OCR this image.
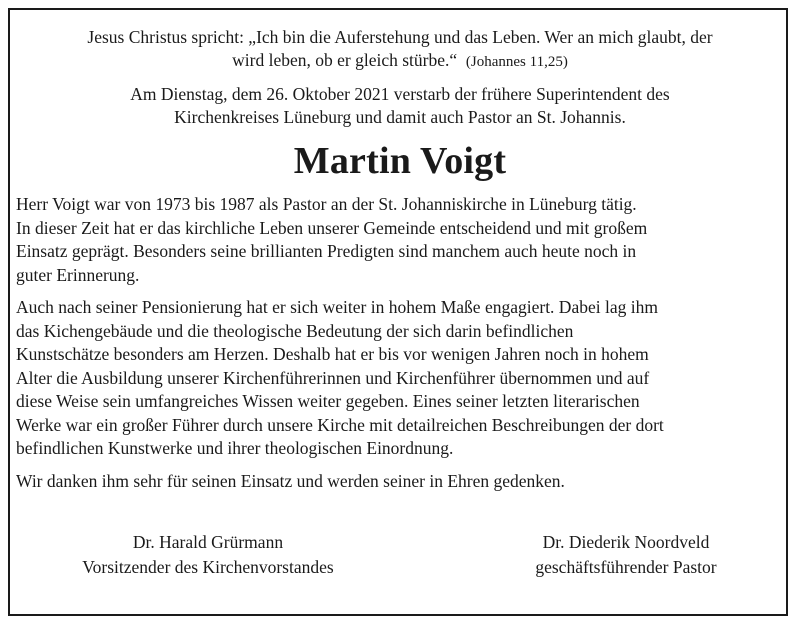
Jesus Christus spricht: „Ich bin die Auferstehung und das Leben. Wer an mich glaubt, der
wird leben, ob er gleich stürbe.“ (Johannes 11,25)
Am Dienstag, dem 26. Oktober 2021 verstarb der frühere Superintendent des
Kirchenkreises Lüneburg und damit auch Pastor an St. Johannis.
Martin Voigt
Herr Voigt war von 1973 bis 1987 als Pastor an der St. Johanniskirche in Lüneburg tätig.
In dieser Zeit hat er das kirchliche Leben unserer Gemeinde entscheidend und mit großem
Einsatz geprägt. Besonders seine brillianten Predigten sind manchem auch heute noch in
guter Erinnerung.
Auch nach seiner Pensionierung hat er sich weiter in hohem Maße engagiert. Dabei lag ihm
das Kichengebäude und die theologische Bedeutung der sich darin befindlichen
Kunstschätze besonders am Herzen. Deshalb hat er bis vor wenigen Jahren noch in hohem
Alter die Ausbildung unserer Kirchenführerinnen und Kirchenführer übernommen und auf
diese Weise sein umfangreiches Wissen weiter gegeben. Eines seiner letzten literarischen
Werke war ein großer Führer durch unsere Kirche mit detailreichen Beschreibungen der dort
befindlichen Kunstwerke und ihrer theologischen Einordnung.
Wir danken ihm sehr für seinen Einsatz und werden seiner in Ehren gedenken.
Dr. Harald Grürmann
Vorsitzender des Kirchenvorstandes
Dr. Diederik Noordveld
geschäftsführender Pastor
